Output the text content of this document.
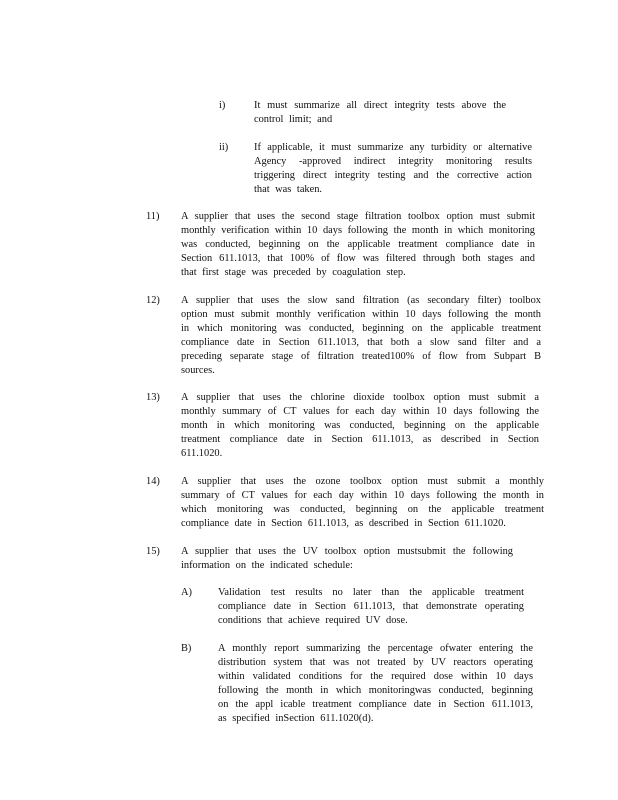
i)	It must summarize all direct integrity tests above the control limit; and
ii) If applicable, it must summarize any turbidity or alternative Agency -approved indirect integrity monitoring results triggering direct integrity testing and the corrective action that was taken.
11) A supplier that uses the second stage filtration toolbox option must submit monthly verification within 10 days following the month in which monitoring was conducted, beginning on the applicable treatment compliance date in Section 611.1013, that 100% of flow was filtered through both stages and that first stage was preceded by coagulation step.
12) A supplier that uses the slow sand filtration (as secondary filter) toolbox option must submit monthly verification within 10 days following the month in which monitoring was conducted, beginning on the applicable treatment compliance date in Section 611.1013, that both a slow sand filter and a preceding separate stage of filtration treated100% of flow from Subpart B sources.
13) A supplier that uses the chlorine dioxide toolbox option must submit a monthly summary of CT values for each day within 10 days following the month in which monitoring was conducted, beginning on the applicable treatment compliance date in Section 611.1013, as described in Section 611.1020.
14) A supplier that uses the ozone toolbox option must submit a monthly summary of CT values for each day within 10 days following the month in which monitoring was conducted, beginning on the applicable treatment compliance date in Section 611.1013, as described in Section 611.1020.
15) A supplier that uses the UV toolbox option mustsubmit the following information on the indicated schedule:
A)	Validation test results no later than the applicable treatment compliance date in Section 611.1013, that demonstrate operating conditions that achieve required UV dose.
B)	A monthly report summarizing the percentage ofwater entering the distribution system that was not treated by UV reactors operating within validated conditions for the required dose within 10 days following the month in which monitoringwas conducted, beginning on the appl icable treatment compliance date in Section 611.1013, as specified inSection 611.1020(d).
